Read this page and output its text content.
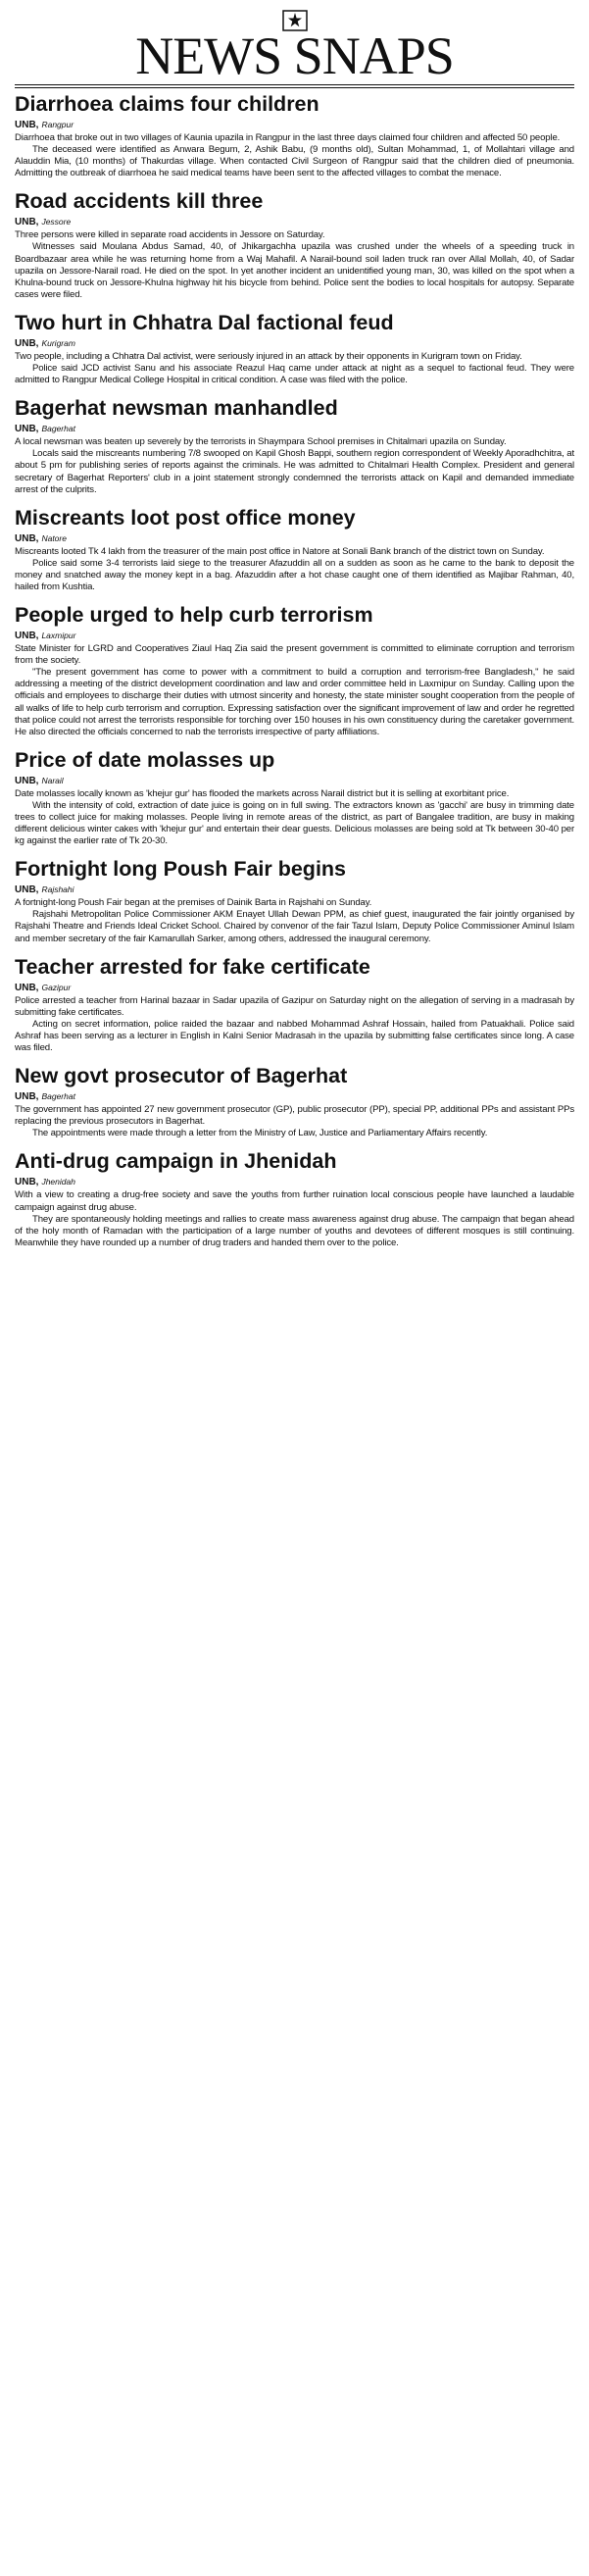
NEWS SNAPS
Diarrhoea claims four children
UNB, Rangpur

Diarrhoea that broke out in two villages of Kaunia upazila in Rangpur in the last three days claimed four children and affected 50 people.

The deceased were identified as Anwara Begum, 2, Ashik Babu, (9 months old), Sultan Mohammad, 1, of Mollahtari village and Alauddin Mia, (10 months) of Thakurdas village. When contacted Civil Surgeon of Rangpur said that the children died of pneumonia. Admitting the outbreak of diarrhoea he said medical teams have been sent to the affected villages to combat the menace.

Road accidents kill three
UNB, Jessore

Three persons were killed in separate road accidents in Jessore on Saturday.

Witnesses said Moulana Abdus Samad, 40, of Jhikargachha upazila was crushed under the wheels of a speeding truck in Boardbazaar area while he was returning home from a Waj Mahafil. A Narail-bound soil laden truck ran over Allal Mollah, 40, of Sadar upazila on Jessore-Narail road. He died on the spot. In yet another incident an unidentified young man, 30, was killed on the spot when a Khulna-bound truck on Jessore-Khulna highway hit his bicycle from behind. Police sent the bodies to local hospitals for autopsy. Separate cases were filed.

Two hurt in Chhatra Dal factional feud
UNB, Kurigram

Two people, including a Chhatra Dal activist, were seriously injured in an attack by their opponents in Kurigram town on Friday.

Police said JCD activist Sanu and his associate Reazul Haq came under attack at night as a sequel to factional feud. They were admitted to Rangpur Medical College Hospital in critical condition. A case was filed with the police.

Bagerhat newsman manhandled
UNB, Bagerhat

A local newsman was beaten up severely by the terrorists in Shaympara School premises in Chitalmari upazila on Sunday.

Locals said the miscreants numbering 7/8 swooped on Kapil Ghosh Bappi, southern region correspondent of Weekly Aporadhchitra, at about 5 pm for publishing series of reports against the criminals. He was admitted to Chitalmari Health Complex. President and general secretary of Bagerhat Reporters' club in a joint statement strongly condemned the terrorists attack on Kapil and demanded immediate arrest of the culprits.

Miscreants loot post office money
UNB, Natore

Miscreants looted Tk 4 lakh from the treasurer of the main post office in Natore at Sonali Bank branch of the district town on Sunday.

Police said some 3-4 terrorists laid siege to the treasurer Afazuddin all on a sudden as soon as he came to the bank to deposit the money and snatched away the money kept in a bag. Afazuddin after a hot chase caught one of them identified as Majibar Rahman, 40, hailed from Kushtia.

People urged to help curb terrorism
UNB, Laxmipur

State Minister for LGRD and Cooperatives Ziaul Haq Zia said the present government is committed to eliminate corruption and terrorism from the society.

"The present government has come to power with a commitment to build a corruption and terrorism-free Bangladesh," he said addressing a meeting of the district development coordination and law and order committee held in Laxmipur on Sunday. Calling upon the officials and employees to discharge their duties with utmost sincerity and honesty, the state minister sought cooperation from the people of all walks of life to help curb terrorism and corruption. Expressing satisfaction over the significant improvement of law and order he regretted that police could not arrest the terrorists responsible for torching over 150 houses in his own constituency during the caretaker government. He also directed the officials concerned to nab the terrorists irrespective of party affiliations.

Price of date molasses up
UNB, Narail

Date molasses locally known as 'khejur gur' has flooded the markets across Narail district but it is selling at exorbitant price.

With the intensity of cold, extraction of date juice is going on in full swing. The extractors known as 'gacchi' are busy in trimming date trees to collect juice for making molasses. People living in remote areas of the district, as part of Bangalee tradition, are busy in making different delicious winter cakes with 'khejur gur' and entertain their dear guests. Delicious molasses are being sold at Tk between 30-40 per kg against the earlier rate of Tk 20-30.

Fortnight long Poush Fair begins
UNB, Rajshahi

A fortnight-long Poush Fair began at the premises of Dainik Barta in Rajshahi on Sunday.

Rajshahi Metropolitan Police Commissioner AKM Enayet Ullah Dewan PPM, as chief guest, inaugurated the fair jointly organised by Rajshahi Theatre and Friends Ideal Cricket School. Chaired by convenor of the fair Tazul Islam, Deputy Police Commissioner Aminul Islam and member secretary of the fair Kamarullah Sarker, among others, addressed the inaugural ceremony.

Teacher arrested for fake certificate
UNB, Gazipur

Police arrested a teacher from Harinal bazaar in Sadar upazila of Gazipur on Saturday night on the allegation of serving in a madrasah by submitting fake certificates.

Acting on secret information, police raided the bazaar and nabbed Mohammad Ashraf Hossain, hailed from Patuakhali. Police said Ashraf has been serving as a lecturer in English in Kalni Senior Madrasah in the upazila by submitting false certificates since long. A case was filed.

New govt prosecutor of Bagerhat
UNB, Bagerhat

The government has appointed 27 new government prosecutor (GP), public prosecutor (PP), special PP, additional PPs and assistant PPs replacing the previous prosecutors in Bagerhat.

The appointments were made through a letter from the Ministry of Law, Justice and Parliamentary Affairs recently.

Anti-drug campaign in Jhenidah
UNB, Jhenidah

With a view to creating a drug-free society and save the youths from further ruination local conscious people have launched a laudable campaign against drug abuse.

They are spontaneously holding meetings and rallies to create mass awareness against drug abuse. The campaign that began ahead of the holy month of Ramadan with the participation of a large number of youths and devotees of different mosques is still continuing. Meanwhile they have rounded up a number of drug traders and handed them over to the police.
